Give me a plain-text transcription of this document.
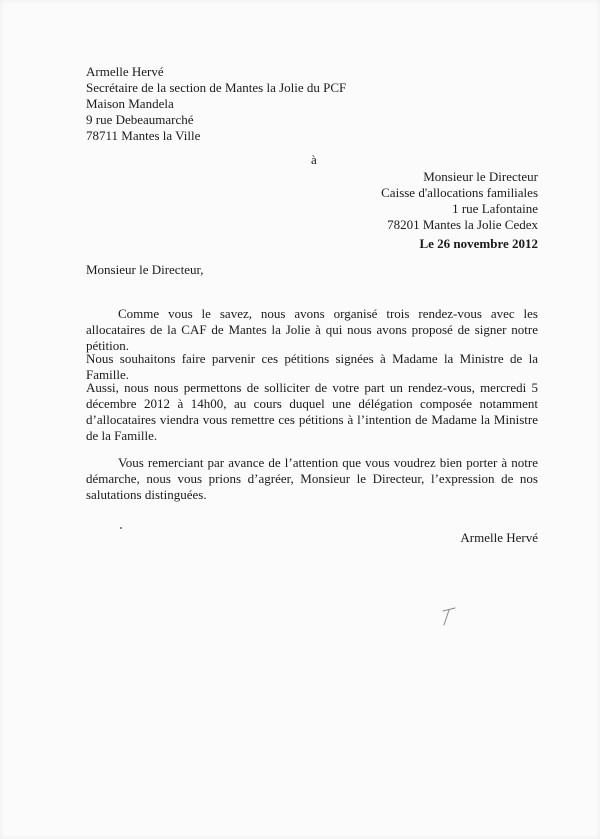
Armelle Hervé
Secrétaire de la section de Mantes la Jolie du PCF
Maison Mandela
9 rue Debeaumarché
78711 Mantes la Ville
à
Monsieur le Directeur
Caisse d'allocations familiales
1 rue Lafontaine
78201 Mantes la Jolie Cedex
Le 26 novembre 2012
Monsieur le Directeur,

Comme vous le savez, nous avons organisé trois rendez-vous avec les allocataires de la CAF de Mantes la Jolie à qui nous avons proposé de signer notre pétition.

Nous souhaitons faire parvenir ces pétitions signées à Madame la Ministre de la Famille.

Aussi, nous nous permettons de solliciter de votre part un rendez-vous, mercredi 5 décembre 2012 à 14h00, au cours duquel une délégation composée notamment d’allocataires viendra vous remettre ces pétitions à l’intention de Madame la Ministre de la Famille.

Vous remerciant par avance de l’attention que vous voudrez bien porter à notre démarche, nous vous prions d’agréer, Monsieur le Directeur, l’expression de nos salutations distinguées.

Armelle Hervé
